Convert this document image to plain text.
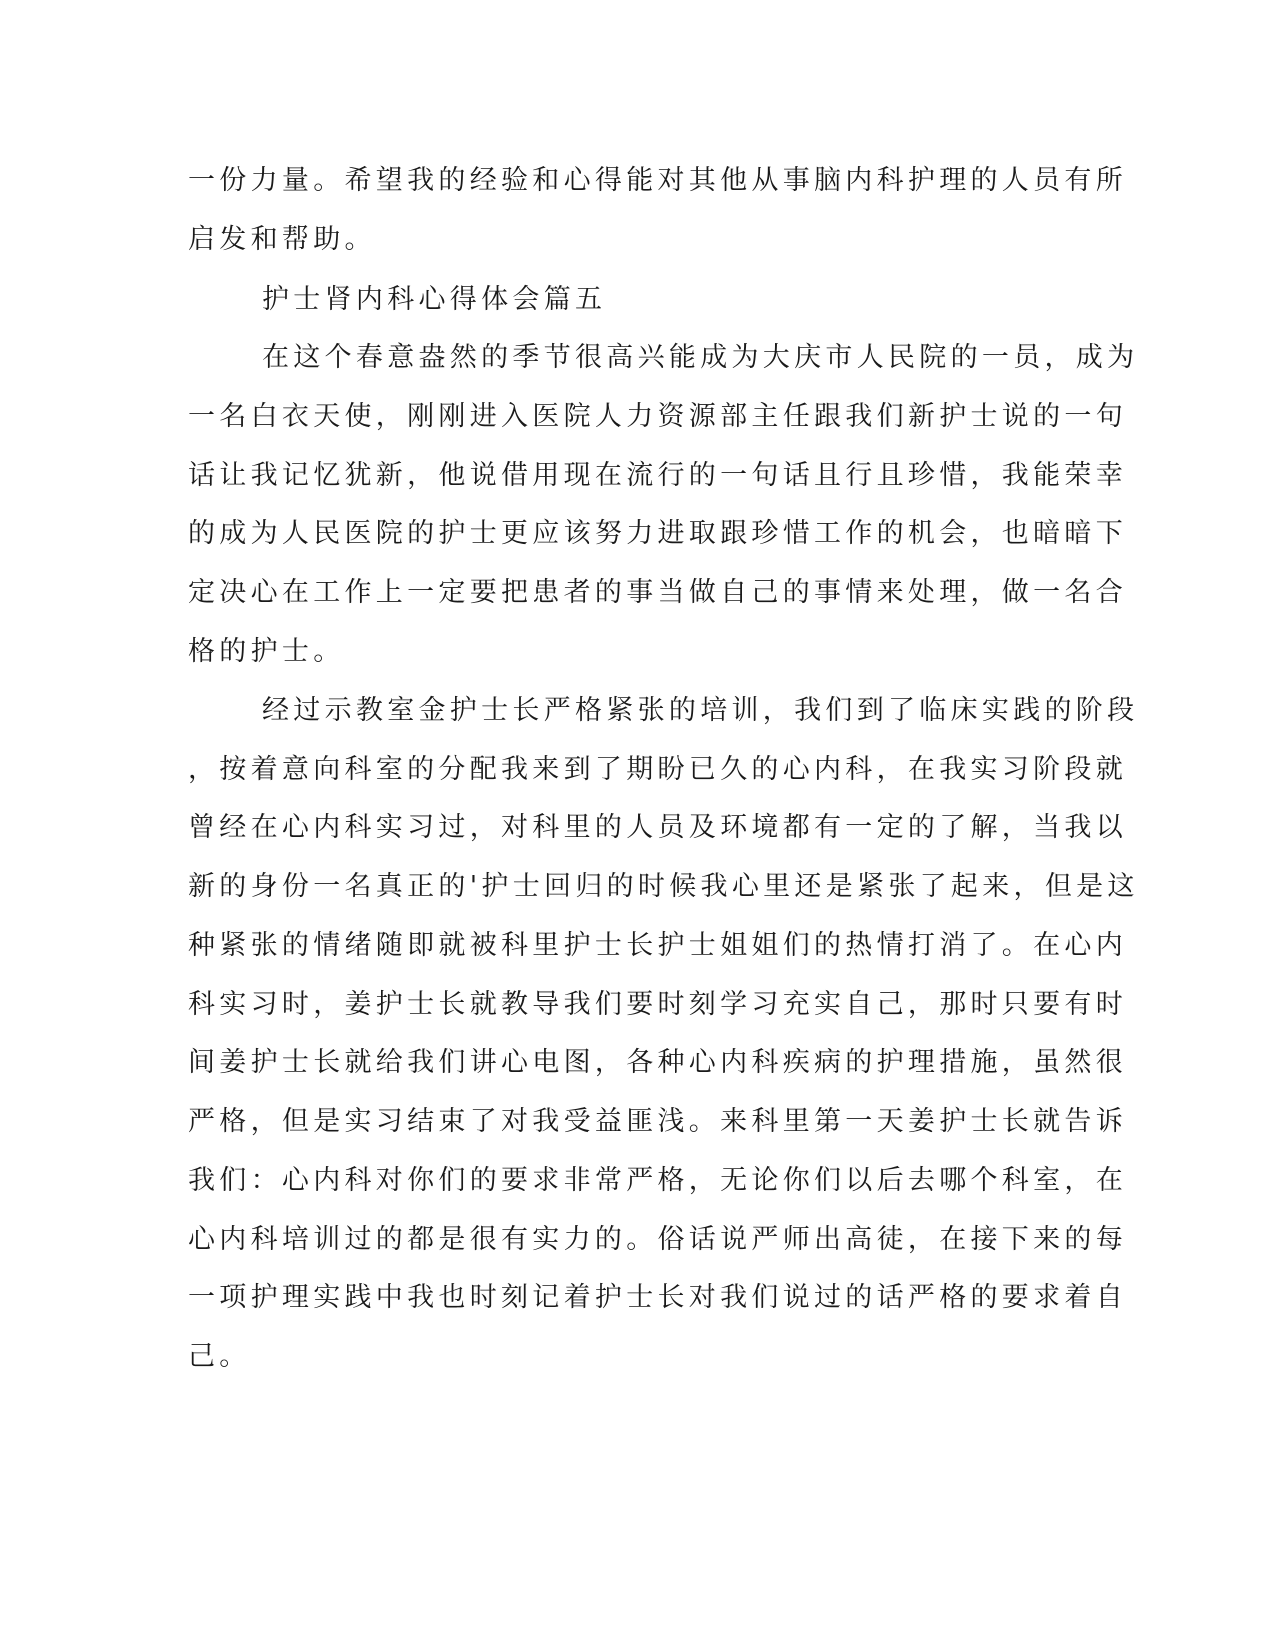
一份力量。希望我的经验和心得能对其他从事脑内科护理的人员有所

启发和帮助。

护士肾内科心得体会篇五

在这个春意盎然的季节很高兴能成为大庆市人民院的一员，成为

一名白衣天使，刚刚进入医院人力资源部主任跟我们新护士说的一句

话让我记忆犹新，他说借用现在流行的一句话且行且珍惜，我能荣幸

的成为人民医院的护士更应该努力进取跟珍惜工作的机会，也暗暗下

定决心在工作上一定要把患者的事当做自己的事情来处理，做一名合

格的护士。

经过示教室金护士长严格紧张的培训，我们到了临床实践的阶段

，按着意向科室的分配我来到了期盼已久的心内科，在我实习阶段就

曾经在心内科实习过，对科里的人员及环境都有一定的了解，当我以

新的身份一名真正的'护士回归的时候我心里还是紧张了起来，但是这

种紧张的情绪随即就被科里护士长护士姐姐们的热情打消了。在心内

科实习时，姜护士长就教导我们要时刻学习充实自己，那时只要有时

间姜护士长就给我们讲心电图，各种心内科疾病的护理措施，虽然很

严格，但是实习结束了对我受益匪浅。来科里第一天姜护士长就告诉

我们：心内科对你们的要求非常严格，无论你们以后去哪个科室，在

心内科培训过的都是很有实力的。俗话说严师出高徒，在接下来的每

一项护理实践中我也时刻记着护士长对我们说过的话严格的要求着自

己。
